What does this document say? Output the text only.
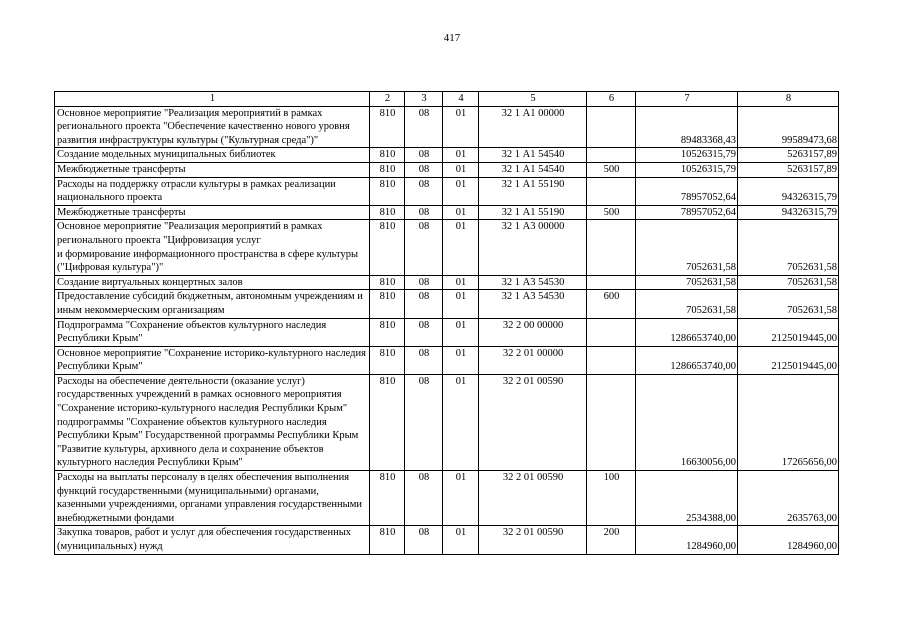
417
1	2	3	4	5	6	7	8
Основное мероприятие "Реализация мероприятий в рамках регионального проекта "Обеспечение качественно нового уровня развития инфраструктуры культуры ("Культурная среда")"	810	08	01	32 1 А1 00000		89483368,43	99589473,68
Создание модельных муниципальных библиотек	810	08	01	32 1 А1 54540		10526315,79	5263157,89
Межбюджетные трансферты	810	08	01	32 1 А1 54540	500	10526315,79	5263157,89
Расходы на поддержку отрасли культуры в рамках реализации национального проекта	810	08	01	32 1 А1 55190		78957052,64	94326315,79
Межбюджетные трансферты	810	08	01	32 1 А1 55190	500	78957052,64	94326315,79
Основное мероприятие "Реализация мероприятий в рамках регионального проекта "Цифровизация услуг
и формирование информационного пространства в сфере культуры ("Цифровая культура")"	810	08	01	32 1 А3 00000		7052631,58	7052631,58
Создание виртуальных концертных залов	810	08	01	32 1 А3 54530		7052631,58	7052631,58
Предоставление субсидий бюджетным, автономным учреждениям и иным некоммерческим организациям	810	08	01	32 1 А3 54530	600	7052631,58	7052631,58
Подпрограмма "Сохранение объектов культурного наследия Республики Крым"	810	08	01	32 2 00 00000		1286653740,00	2125019445,00
Основное мероприятие "Сохранение историко-культурного наследия Республики Крым"	810	08	01	32 2 01 00000		1286653740,00	2125019445,00
Расходы на обеспечение деятельности (оказание услуг) государственных учреждений в рамках основного мероприятия "Сохранение историко-культурного наследия Республики Крым" подпрограммы "Сохранение объектов культурного наследия Республики Крым" Государственной программы Республики Крым "Развитие культуры, архивного дела и сохранение объектов культурного наследия Республики Крым"	810	08	01	32 2 01 00590		16630056,00	17265656,00
Расходы на выплаты персоналу в целях обеспечения выполнения функций государственными (муниципальными) органами, казенными учреждениями, органами управления государственными внебюджетными фондами	810	08	01	32 2 01 00590	100	2534388,00	2635763,00
Закупка товаров, работ и услуг для обеспечения государственных (муниципальных) нужд	810	08	01	32 2 01 00590	200	1284960,00	1284960,00
